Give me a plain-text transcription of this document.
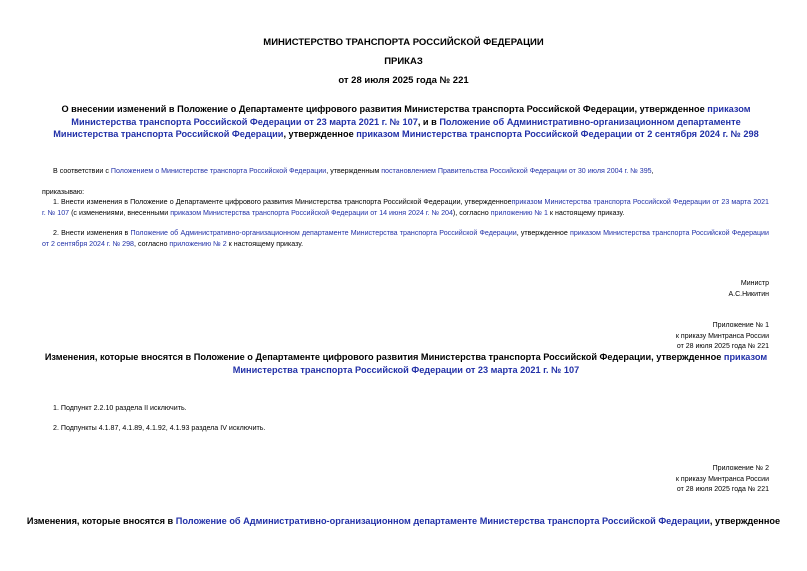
МИНИСТЕРСТВО ТРАНСПОРТА РОССИЙСКОЙ ФЕДЕРАЦИИ
ПРИКАЗ
от 28 июля 2025 года № 221
О внесении изменений в Положение о Департаменте цифрового развития Министерства транспорта Российской Федерации, утвержденное приказом Министерства транспорта Российской Федерации от 23 марта 2021 г. № 107, и в Положение об Административно-организационном департаменте Министерства транспорта Российской Федерации, утвержденное приказом Министерства транспорта Российской Федерации от 2 сентября 2024 г. № 298
В соответствии с Положением о Министерстве транспорта Российской Федерации, утвержденным постановлением Правительства Российской Федерации от 30 июля 2004 г. № 395,
приказываю:
1. Внести изменения в Положение о Департаменте цифрового развития Министерства транспорта Российской Федерации, утвержденноеприказом Министерства транспорта Российской Федерации от 23 марта 2021 г. № 107 (с изменениями, внесенными приказом Министерства транспорта Российской Федерации от 14 июня 2024 г. № 204), согласно приложению № 1 к настоящему приказу.
2. Внести изменения в Положение об Административно-организационном департаменте Министерства транспорта Российской Федерации, утвержденное приказом Министерства транспорта Российской Федерации от 2 сентября 2024 г. № 298, согласно приложению № 2 к настоящему приказу.
Министр
А.С.Никитин
Приложение № 1
к приказу Минтранса России
от 28 июля 2025 года № 221
Изменения, которые вносятся в Положение о Департаменте цифрового развития Министерства транспорта Российской Федерации, утвержденное приказом Министерства транспорта Российской Федерации от 23 марта 2021 г. № 107
1. Подпункт 2.2.10 раздела II исключить.
2. Подпункты 4.1.87, 4.1.89, 4.1.92, 4.1.93 раздела IV исключить.
Приложение № 2
к приказу Минтранса России
от 28 июля 2025 года № 221
Изменения, которые вносятся в Положение об Административно-организационном департаменте Министерства транспорта Российской Федерации, утвержденное
